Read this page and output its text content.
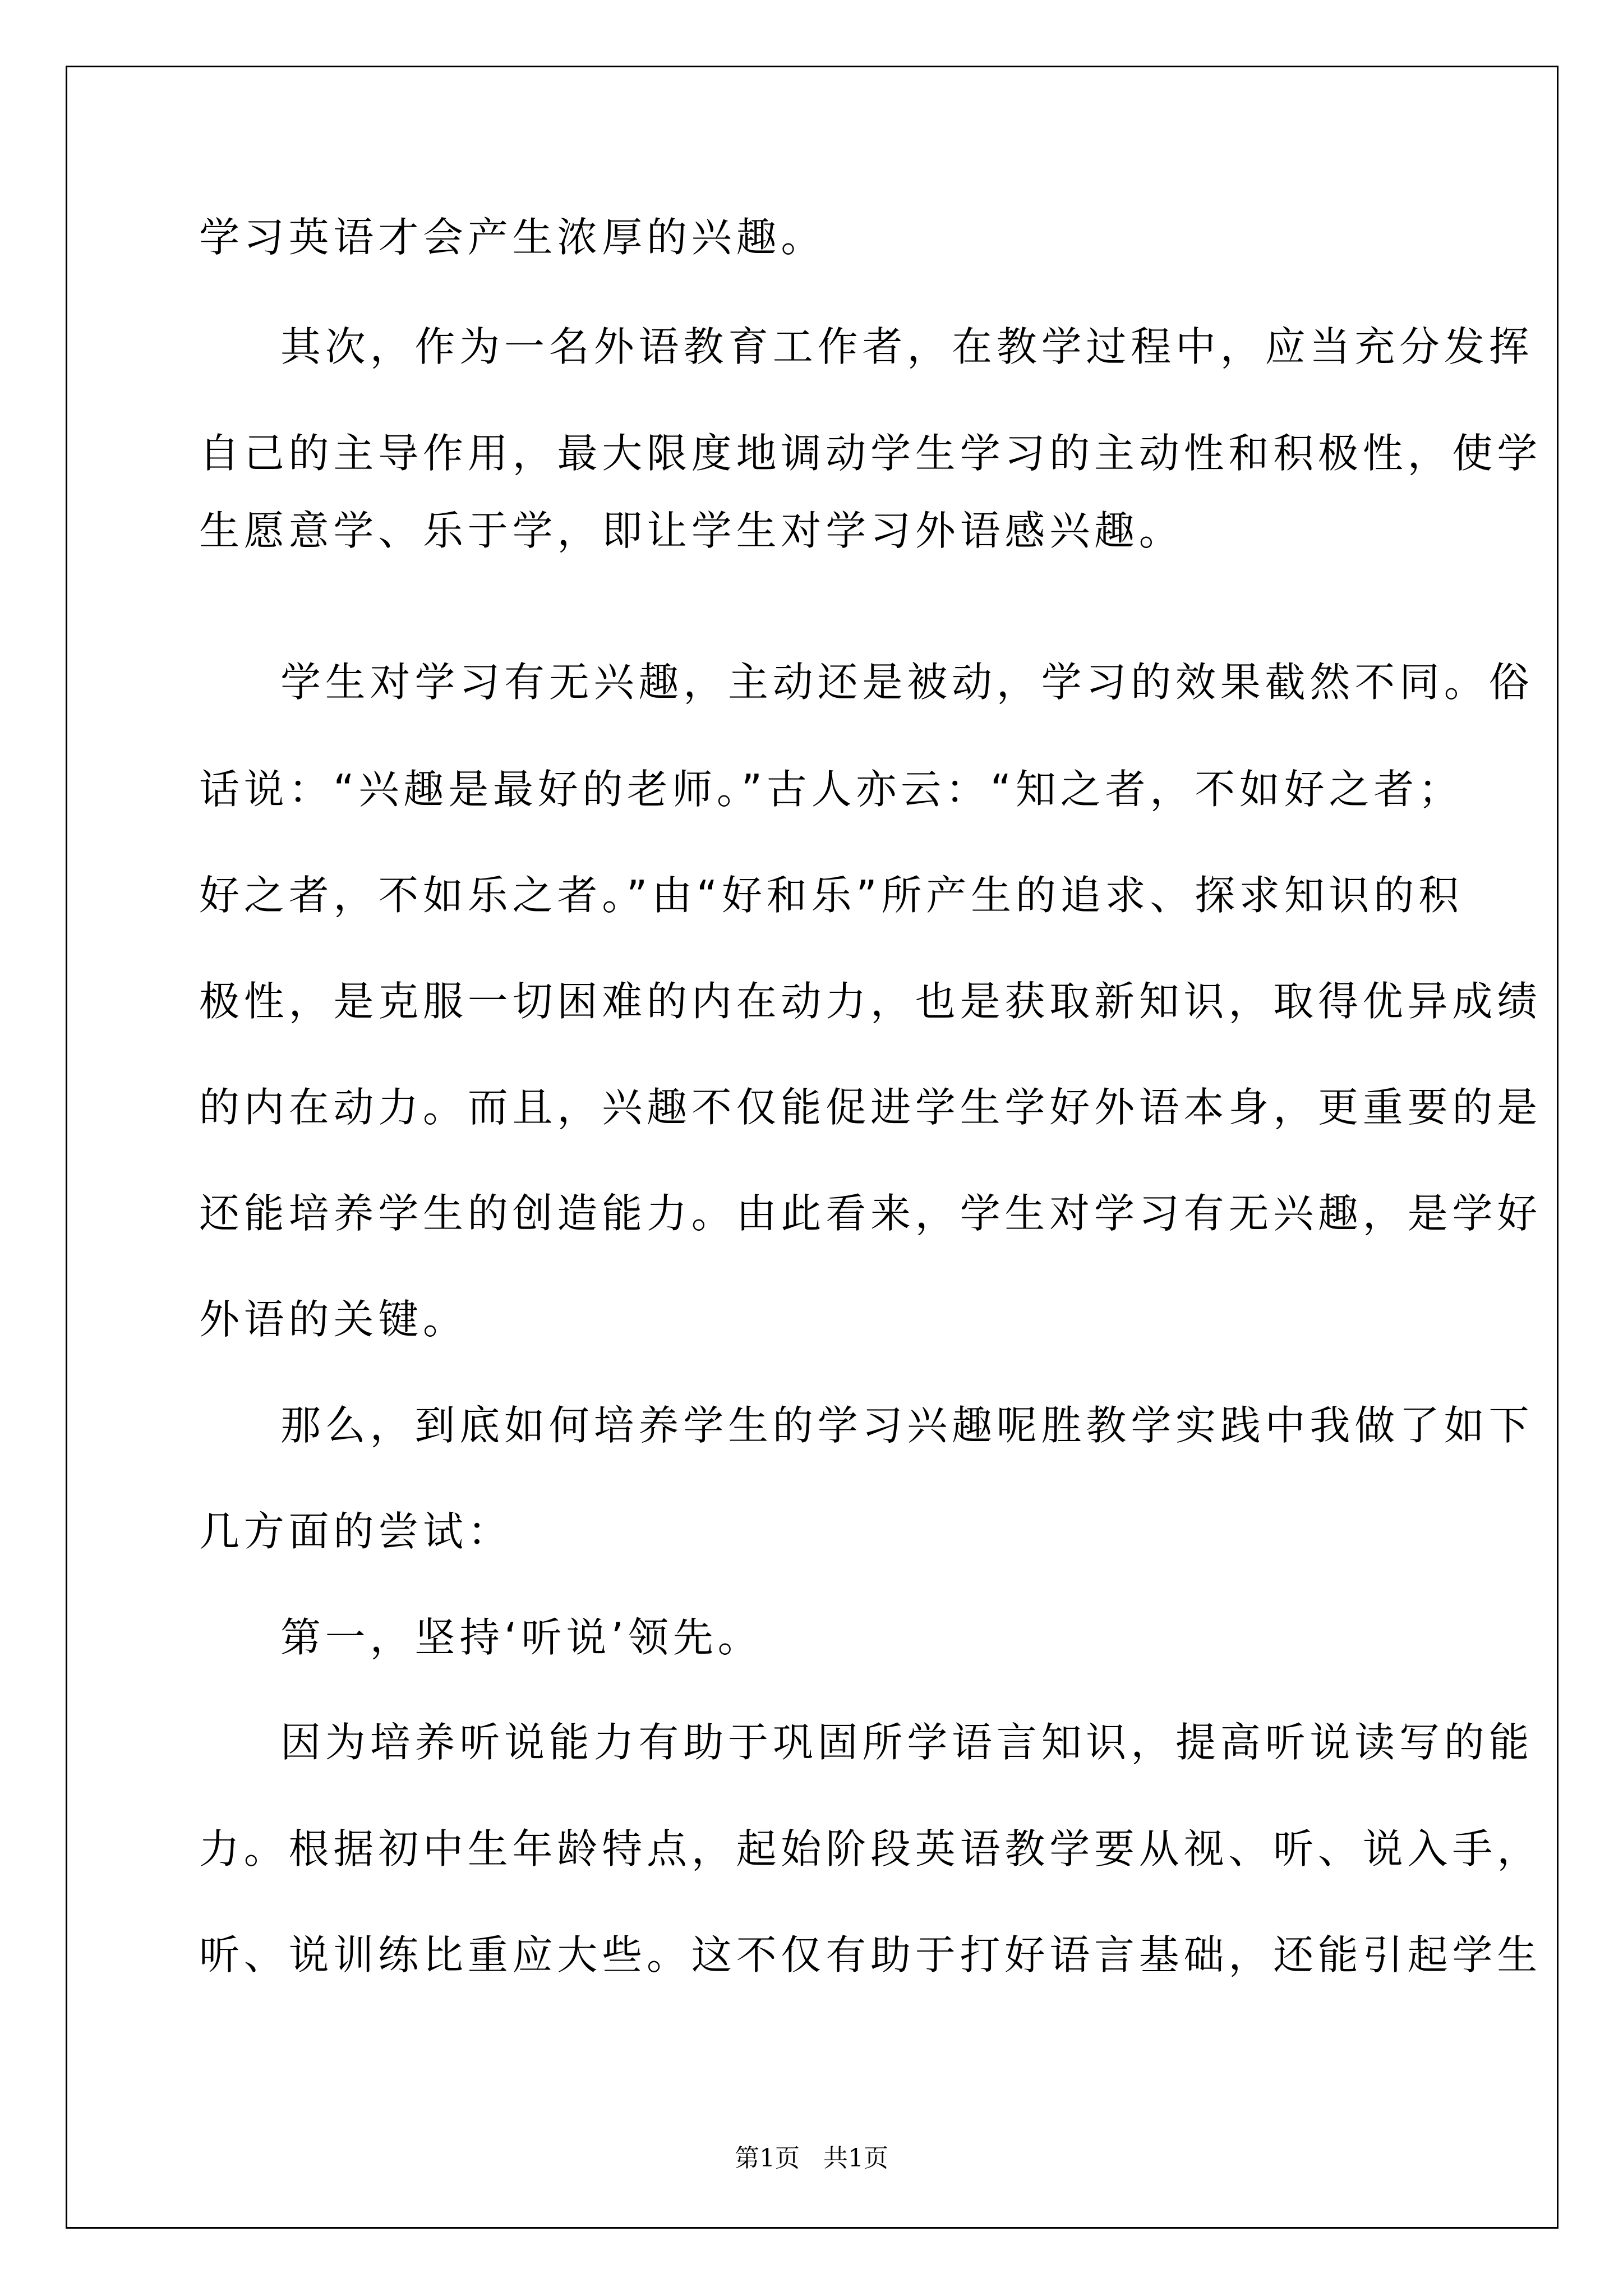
学习英语才会产生浓厚的兴趣。
其次，作为一名外语教育工作者，在教学过程中，应当充分发挥
自己的主导作用，最大限度地调动学生学习的主动性和积极性，使学
生愿意学、乐于学，即让学生对学习外语感兴趣。
学生对学习有无兴趣，主动还是被动，学习的效果截然不同。俗
话说：“兴趣是最好的老师。”古人亦云：“知之者，不如好之者；
好之者，不如乐之者。”由“好和乐”所产生的追求、探求知识的积
极性，是克服一切困难的内在动力，也是获取新知识，取得优异成绩
的内在动力。而且，兴趣不仅能促进学生学好外语本身，更重要的是
还能培养学生的创造能力。由此看来，学生对学习有无兴趣，是学好
外语的关键。
那么，到底如何培养学生的学习兴趣呢胜教学实践中我做了如下
几方面的尝试：
第一，坚持‘听说’领先。
因为培养听说能力有助于巩固所学语言知识，提高听说读写的能
力。根据初中生年龄特点，起始阶段英语教学要从视、听、说入手，
听、说训练比重应大些。这不仅有助于打好语言基础，还能引起学生
第1页   共1页
